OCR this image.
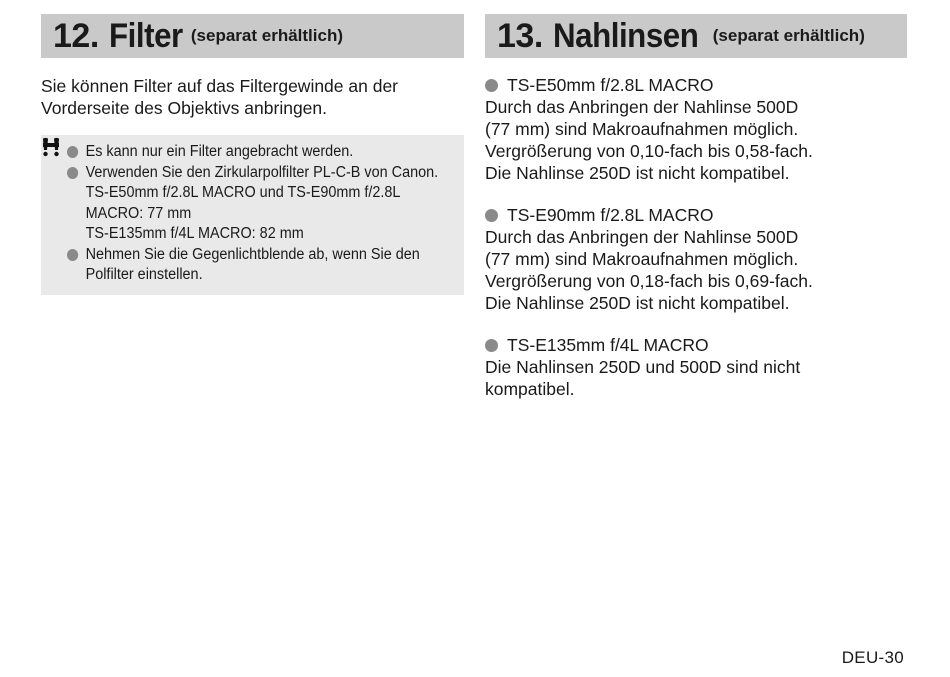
12. Filter (separat erhältlich)
Sie können Filter auf das Filtergewinde an der
Vorderseite des Objektivs anbringen.
Es kann nur ein Filter angebracht werden.
Verwenden Sie den Zirkularpolfilter PL-C-B von Canon.
TS-E50mm f/2.8L MACRO und TS-E90mm f/2.8L
MACRO: 77 mm
TS-E135mm f/4L MACRO: 82 mm
Nehmen Sie die Gegenlichtblende ab, wenn Sie den
Polfilter einstellen.
13. Nahlinsen (separat erhältlich)
TS-E50mm f/2.8L MACRO
Durch das Anbringen der Nahlinse 500D
(77 mm) sind Makroaufnahmen möglich.
Vergrößerung von 0,10-fach bis 0,58-fach.
Die Nahlinse 250D ist nicht kompatibel.
TS-E90mm f/2.8L MACRO
Durch das Anbringen der Nahlinse 500D
(77 mm) sind Makroaufnahmen möglich.
Vergrößerung von 0,18-fach bis 0,69-fach.
Die Nahlinse 250D ist nicht kompatibel.
TS-E135mm f/4L MACRO
Die Nahlinsen 250D und 500D sind nicht
kompatibel.
DEU-30
